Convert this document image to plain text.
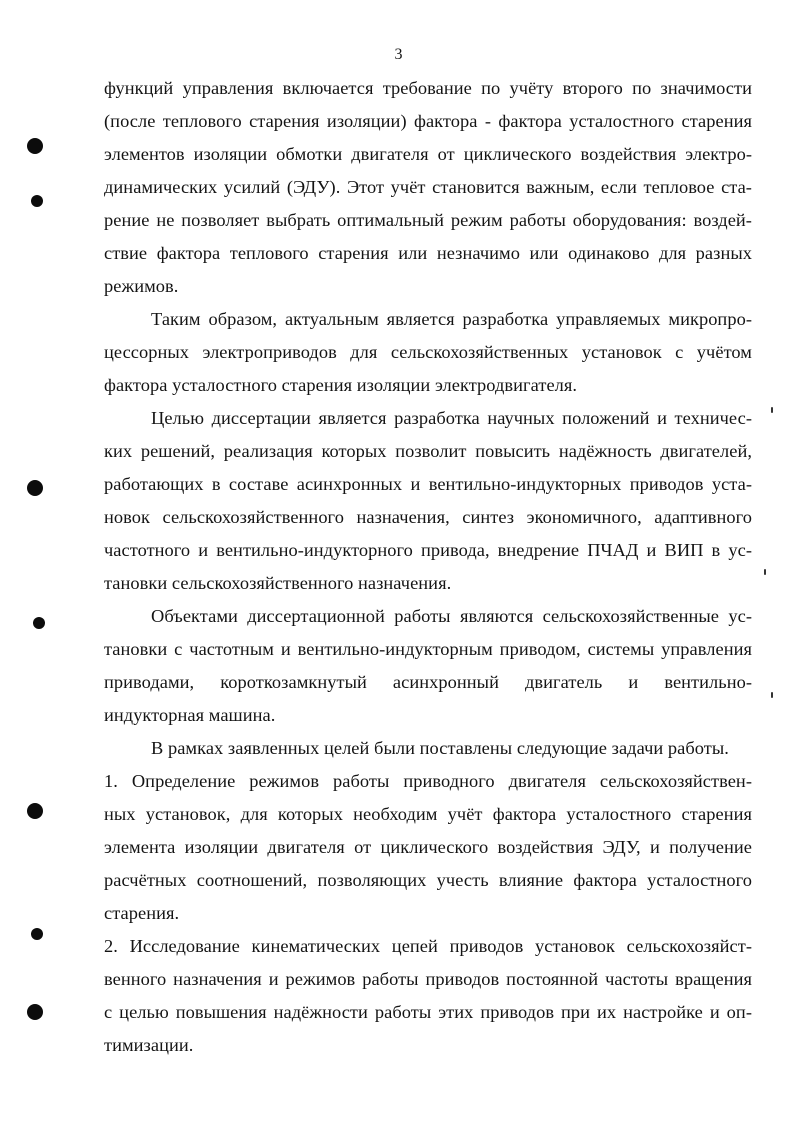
3
функций управления включается требование по учёту второго по значимости
(после теплового старения изоляции) фактора - фактора усталостного старения
элементов изоляции обмотки двигателя от циклического воздействия электро-
динамических усилий (ЭДУ). Этот учёт становится важным, если тепловое ста-
рение не позволяет выбрать оптимальный режим работы оборудования: воздей-
ствие фактора теплового старения или незначимо или одинаково для разных
режимов.
Таким образом, актуальным является разработка управляемых микропро-
цессорных электроприводов для сельскохозяйственных установок с учётом
фактора усталостного старения изоляции электродвигателя.
Целью диссертации является разработка научных положений и техничес-
ких решений, реализация которых позволит повысить надёжность двигателей,
работающих в составе асинхронных и вентильно-индукторных приводов уста-
новок сельскохозяйственного назначения, синтез экономичного, адаптивного
частотного и вентильно-индукторного привода, внедрение ПЧАД и ВИП в ус-
тановки сельскохозяйственного назначения.
Объектами диссертационной работы являются сельскохозяйственные ус-
тановки с частотным и вентильно-индукторным приводом, системы управления
приводами, короткозамкнутый асинхронный двигатель и вентильно-
индукторная машина.
В рамках заявленных целей были поставлены следующие задачи работы.
1. Определение режимов работы приводного двигателя сельскохозяйствен-
ных установок, для которых необходим учёт фактора усталостного старения
элемента изоляции двигателя от циклического воздействия ЭДУ, и получение
расчётных соотношений, позволяющих учесть влияние фактора усталостного
старения.
2. Исследование кинематических цепей приводов установок сельскохозяйст-
венного назначения и режимов работы приводов постоянной частоты вращения
с целью повышения надёжности работы этих приводов при их настройке и оп-
тимизации.
